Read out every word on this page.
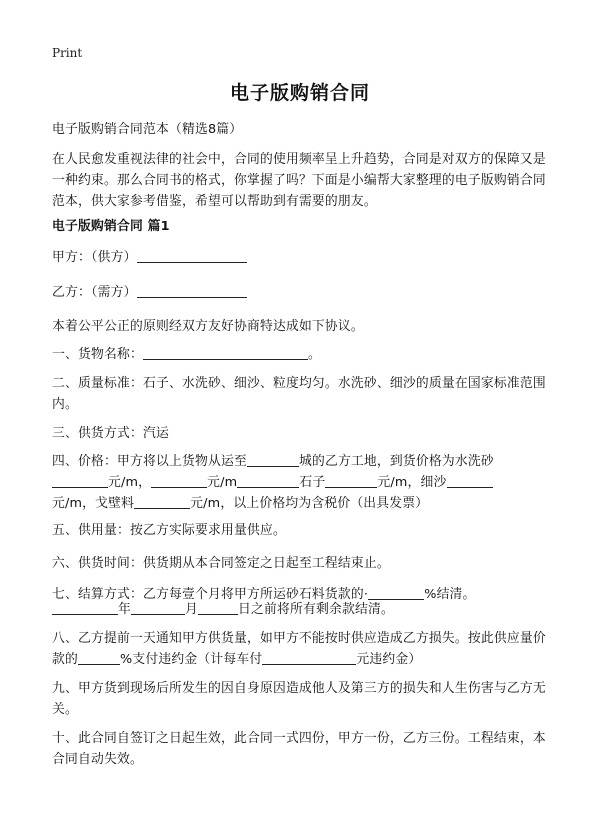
Print
电子版购销合同

电子版购销合同范本（精选8篇）

在人民愈发重视法律的社会中，合同的使用频率呈上升趋势，合同是对双方的保障又是一种约束。那么合同书的格式，你掌握了吗？下面是小编帮大家整理的电子版购销合同范本，供大家参考借鉴，希望可以帮助到有需要的朋友。

电子版购销合同 篇1

甲方：（供方）

乙方：（需方）

本着公平公正的原则经双方友好协商特达成如下协议。

一、货物名称：	。

二、质量标准：石子、水洗砂、细沙、粒度均匀。水洗砂、细沙的质量在国家标准范围内。

三、供货方式：汽运

四、价格：甲方将以上货物从运至	城的乙方工地，到货价格为水洗砂

元/m，	元/m	石子	元/m，细沙

元/m，戈壁料	元/m，以上价格均为含税价（出具发票）

五、供用量：按乙方实际要求用量供应。

六、供货时间：供货期从本合同签定之日起至工程结束止。

七、结算方式：乙方每壹个月将甲方所运砂石料货款的·	%结清。

年	月	日之前将所有剩余款结清。

八、乙方提前一天通知甲方供货量，如甲方不能按时供应造成乙方损失。按此供应量价款的	%支付违约金（计每车付	元违约金）

九、甲方货到现场后所发生的因自身原因造成他人及第三方的损失和人生伤害与乙方无关。

十、此合同自签订之日起生效，此合同一式四份，甲方一份，乙方三份。工程结束，本合同自动失效。
